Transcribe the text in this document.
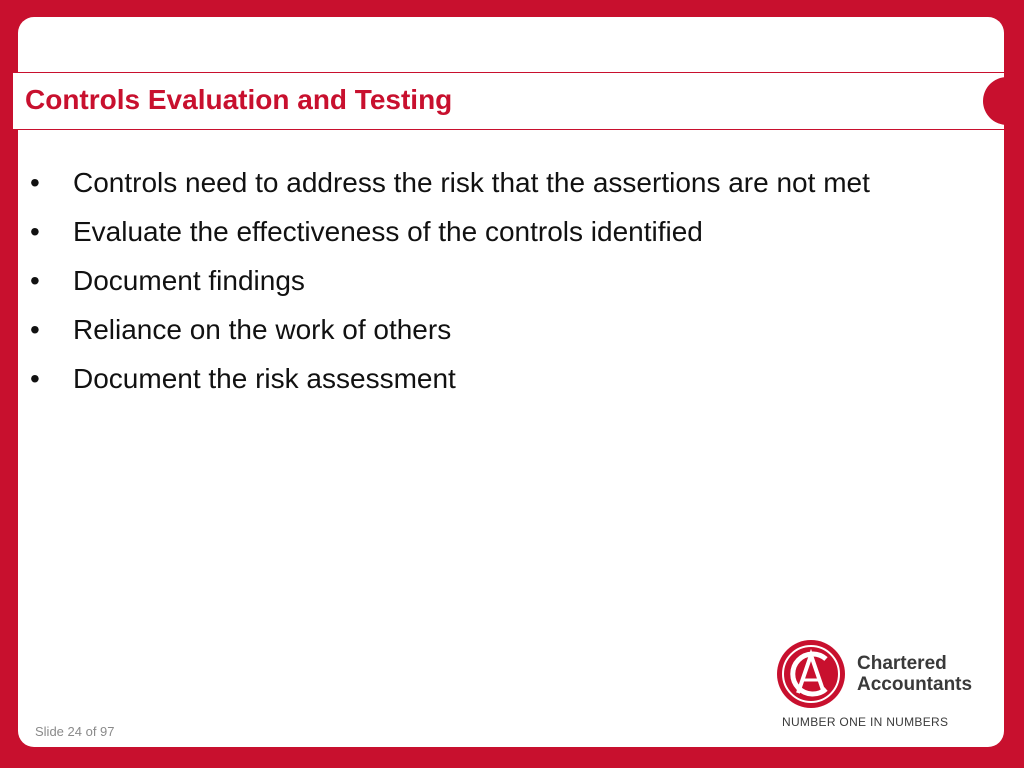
Controls Evaluation and Testing
• Controls need to address the risk that the assertions are not met
• Evaluate the effectiveness of the controls identified
• Document findings
• Reliance on the work of others
• Document the risk assessment
Slide 24 of 97
Chartered
Accountants
NUMBER ONE IN NUMBERS
